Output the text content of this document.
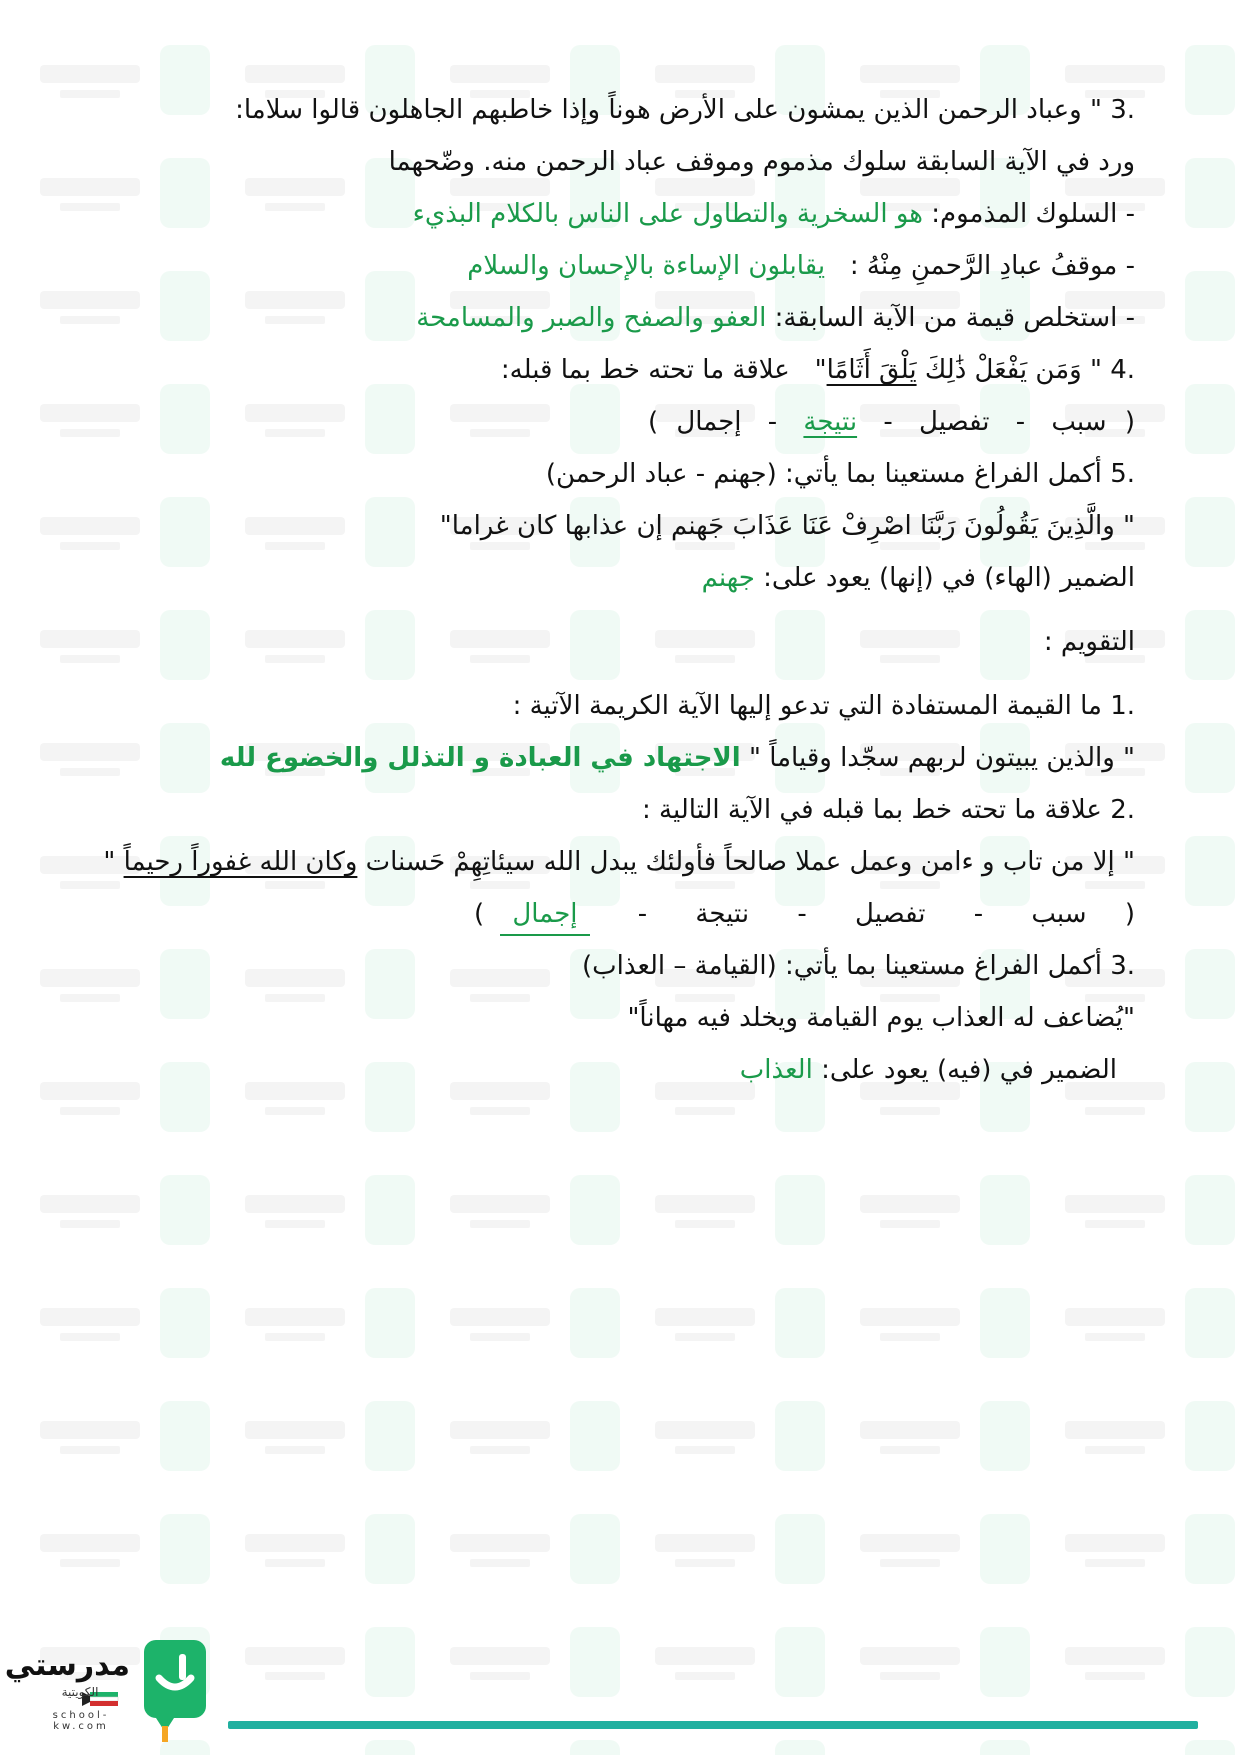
3. " وعباد الرحمن الذين يمشون على الأرض هوناً وإذا خاطبهم الجاهلون قالوا سلاما:
ورد في الآية السابقة سلوك مذموم وموقف عباد الرحمن منه. وضّحهما
- السلوك المذموم: هو السخرية والتطاول على الناس بالكلام البذيء
- موقفُ عبادِ الرَّحمنِ مِنْهُ :   يقابلون الإساءة بالإحسان والسلام
- استخلص قيمة من الآية السابقة: العفو والصفح والصبر والمسامحة
4. " وَمَن يَفْعَلْ ذَٰلِكَ يَلْقَ أَثَامًا"   علاقة ما تحته خط بما قبله:
( سبب - تفصيل - نتيجة - إجمال )
5. أكمل الفراغ مستعينا بما يأتي: (جهنم - عباد الرحمن)
" والَّذِينَ يَقُولُونَ رَبَّنَا اصْرِفْ عَنَا عَذَابَ جَهنم إن عذابها كان غراما"
الضمير (الهاء) في (إنها) يعود على: جهنم
التقويم :
1. ما القيمة المستفادة التي تدعو إليها الآية الكريمة الآتية :
" والذين يبيتون لربهم سجّدا وقياماً " الاجتهاد في العبادة و التذلل والخضوع لله
2. علاقة ما تحته خط بما قبله في الآية التالية :
" إلا من تاب و ءامن وعمل عملا صالحاً فأولئك يبدل الله سيئاتِهِمْ حَسنات وكان الله غفوراً رحيماً "
( سبب - تفصيل - نتيجة - إجمال )
3. أكمل الفراغ مستعينا بما يأتي: (القيامة – العذاب)
"يُضاعف له العذاب يوم القيامة ويخلد فيه مهاناً"
الضمير في (فيه) يعود على: العذاب
مدرستي
الكويتية
school-kw.com
